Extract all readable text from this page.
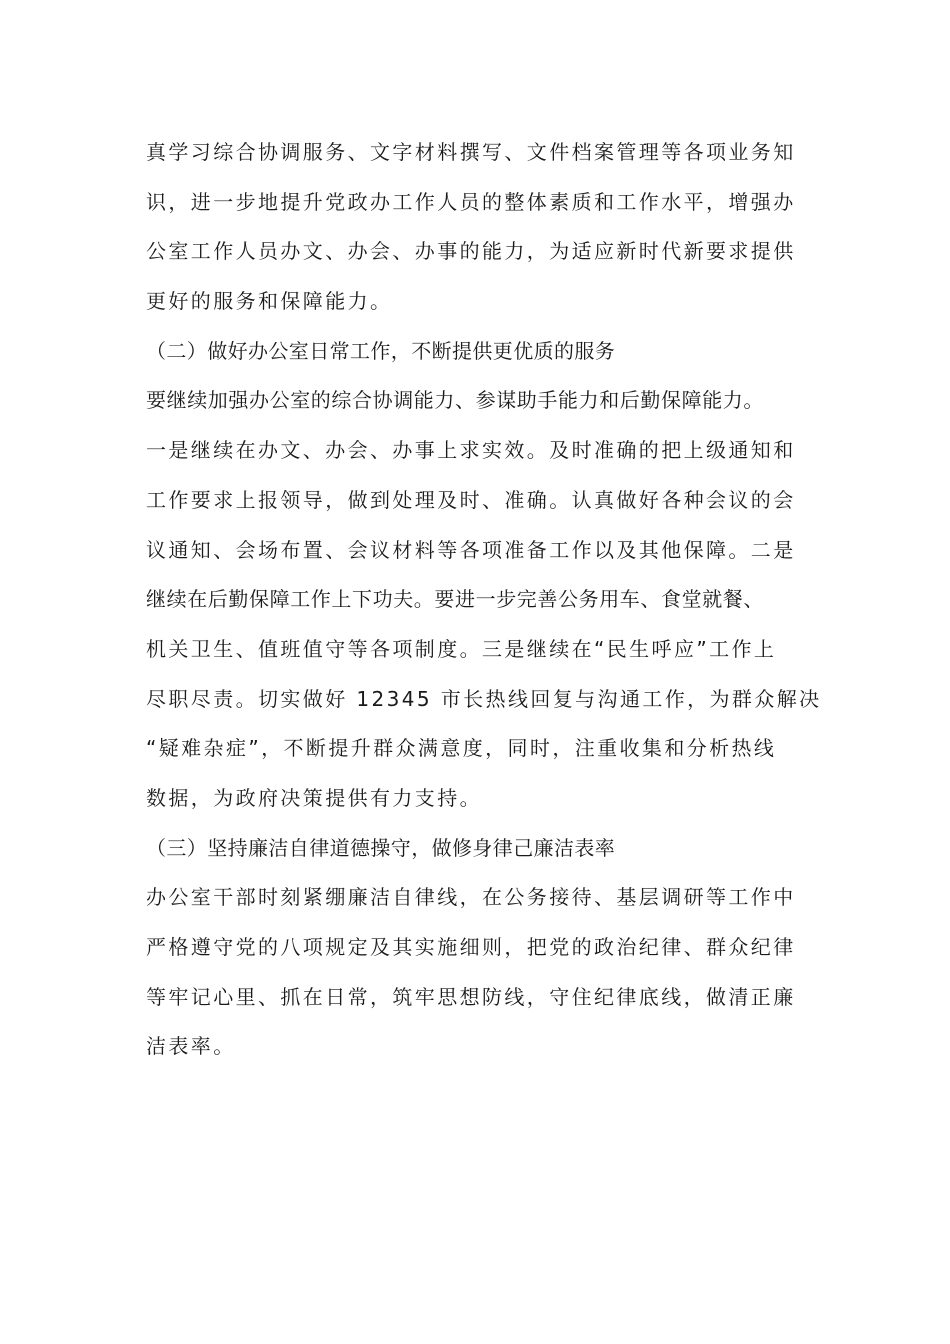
真学习综合协调服务、文字材料撰写、文件档案管理等各项业务知
识，进一步地提升党政办工作人员的整体素质和工作水平，增强办
公室工作人员办文、办会、办事的能力，为适应新时代新要求提供
更好的服务和保障能力。
（二）做好办公室日常工作，不断提供更优质的服务
要继续加强办公室的综合协调能力、参谋助手能力和后勤保障能力。
一是继续在办文、办会、办事上求实效。及时准确的把上级通知和
工作要求上报领导，做到处理及时、准确。认真做好各种会议的会
议通知、会场布置、会议材料等各项准备工作以及其他保障。二是
继续在后勤保障工作上下功夫。要进一步完善公务用车、食堂就餐、
机关卫生、值班值守等各项制度。三是继续在“民生呼应”工作上
尽职尽责。切实做好 12345 市长热线回复与沟通工作，为群众解决
“疑难杂症”，不断提升群众满意度，同时，注重收集和分析热线
数据，为政府决策提供有力支持。
（三）坚持廉洁自律道德操守，做修身律己廉洁表率
办公室干部时刻紧绷廉洁自律线，在公务接待、基层调研等工作中
严格遵守党的八项规定及其实施细则，把党的政治纪律、群众纪律
等牢记心里、抓在日常，筑牢思想防线，守住纪律底线，做清正廉
洁表率。
